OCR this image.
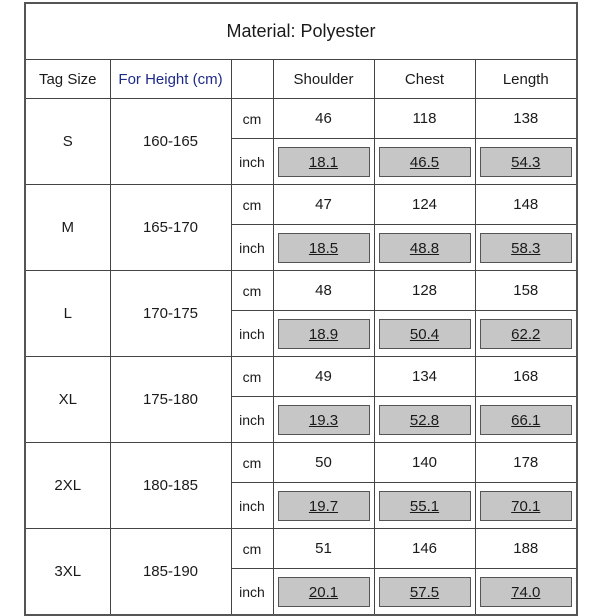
Material: Polyester					
Tag Size	For Height (cm)		Shoulder	Chest	Length
S	160-165	cm	46	118	138
		inch	18.1	46.5	54.3

M	165-170	cm	47	124	148
		inch	18.5	48.8	58.3

L	170-175	cm	48	128	158
		inch	18.9	50.4	62.2

XL	175-180	cm	49	134	168
		inch	19.3	52.8	66.1

2XL	180-185	cm	50	140	178
		inch	19.7	55.1	70.1

3XL	185-190	cm	51	146	188
		inch	20.1	57.5	74.0
